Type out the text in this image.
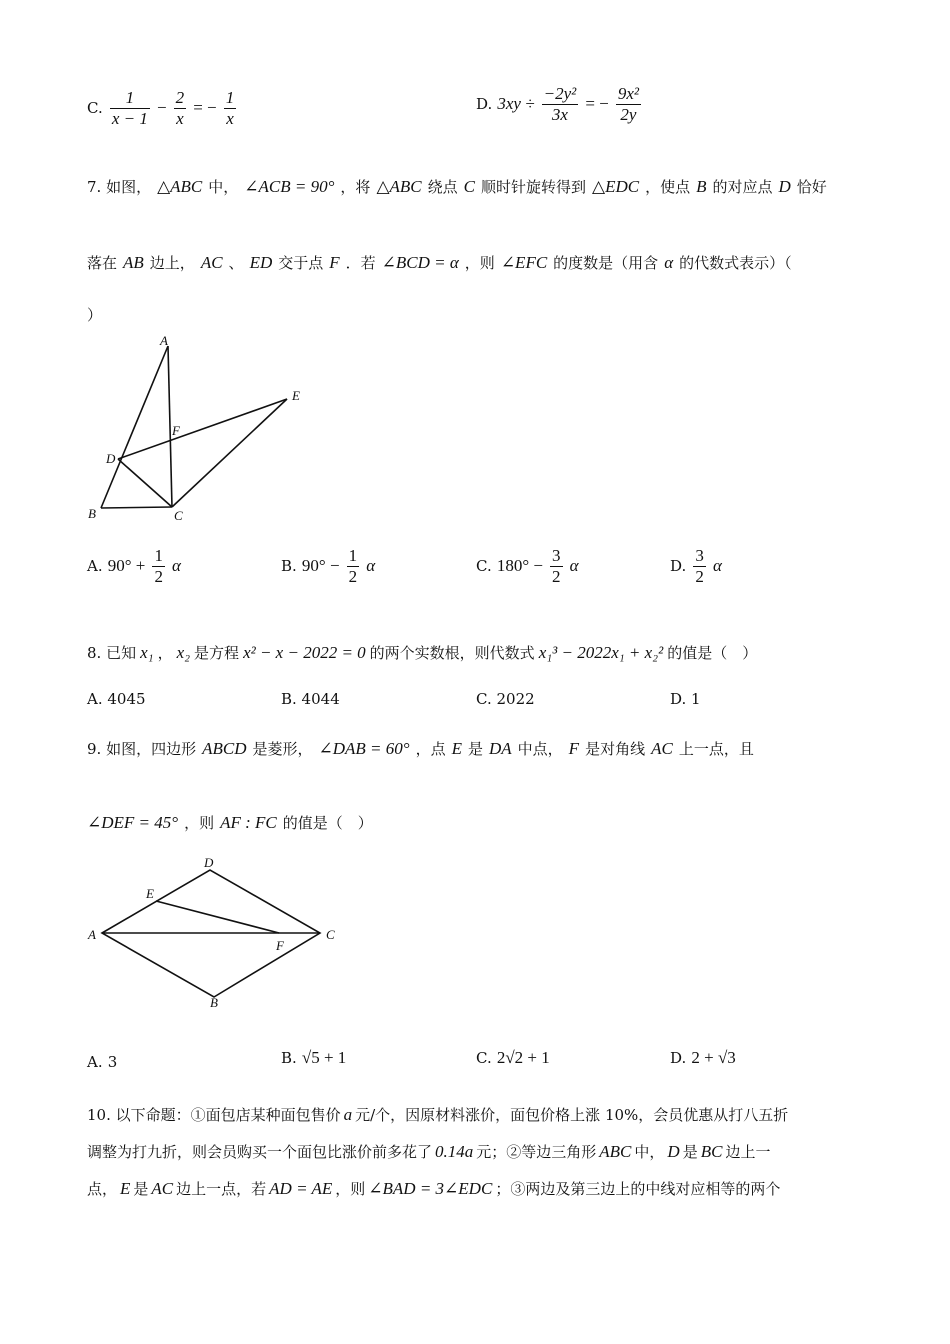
C. $\frac{1}{x - 1} - \frac{2}{x}$ = − $\frac{1}{x}$	D. $3xy \div \frac{\text{−2y²}}{3x}$ = − $\frac{\text{9x²}}{2y}$
7. 如图， △ABC 中， ∠ACB = 90° ，将 △ABC 绕点 C 顺时针旋转得到 △EDC ，使点 B 的对应点 D 恰好
落在 AB 边上， AC 、 ED 交于点 F ．若 ∠BCD = α ，则 ∠EFC 的度数是（用含 α 的代数式表示）（
）
A
B	C
D
E
F
A. $90^\circ + \frac{1}{2}$ α	B. $90^\circ - \frac{1}{2}$ α	C. $180^\circ - \frac{3}{2}$ α	D. $\frac{3}{2}$ α
8. 已知 x₁ ， x₂ 是方程 x² − x − 2022 = 0 的两个实数根，则代数式 x₁³ − 2022x₁ + x₂² 的值是（　）
A. 4045	B. 4044	C. 2022	D. 1
9. 如图，四边形 ABCD 是菱形， ∠DAB = 60° ，点 E 是 DA 中点， F 是对角线 AC 上一点，且
∠DEF = 45° ，则 AF : FC 的值是（　）
A
B
C
D
E
F
A. 3	B. √5 + 1	C. 2√2 + 1	D. 2 + √3
10. 以下命题：①面包店某种面包售价 a 元/个，因原材料涨价，面包价格上涨 10%，会员优惠从打八五折
调整为打九折，则会员购买一个面包比涨价前多花了 0.14a 元；②等边三角形 ABC 中， D 是 BC 边上一
点， E 是 AC 边上一点，若 AD = AE ，则 ∠BAD = 3∠EDC ；③两边及第三边上的中线对应相等的两个
